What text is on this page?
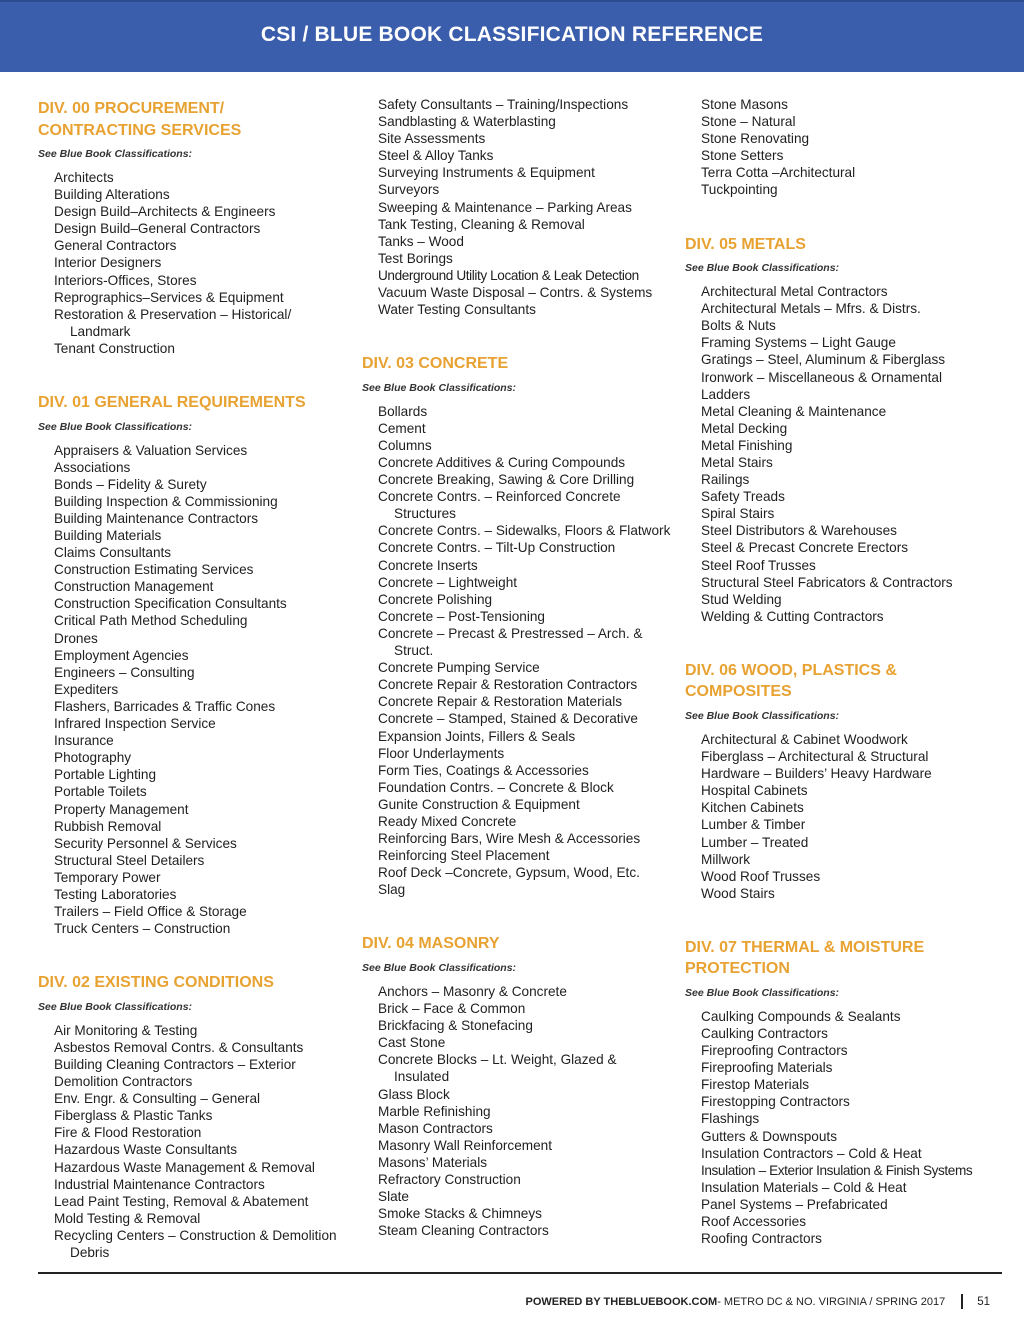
CSI / BLUE BOOK CLASSIFICATION REFERENCE
DIV. 00 PROCUREMENT/
CONTRACTING SERVICES
See Blue Book Classifications:
Architects
Building Alterations
Design Build–Architects & Engineers
Design Build–General Contractors
General Contractors
Interior Designers
Interiors-Offices, Stores
Reprographics–Services & Equipment
Restoration & Preservation – Historical/ Landmark
Tenant Construction
DIV. 01 GENERAL REQUIREMENTS
See Blue Book Classifications:
Appraisers & Valuation Services
Associations
Bonds – Fidelity & Surety
Building Inspection & Commissioning
Building Maintenance Contractors
Building Materials
Claims Consultants
Construction Estimating Services
Construction Management
Construction Specification Consultants
Critical Path Method Scheduling
Drones
Employment Agencies
Engineers – Consulting
Expediters
Flashers, Barricades & Traffic Cones
Infrared Inspection Service
Insurance
Photography
Portable Lighting
Portable Toilets
Property Management
Rubbish Removal
Security Personnel & Services
Structural Steel Detailers
Temporary Power
Testing Laboratories
Trailers – Field Office & Storage
Truck Centers – Construction
DIV. 02 EXISTING CONDITIONS
See Blue Book Classifications:
Air Monitoring & Testing
Asbestos Removal Contrs. & Consultants
Building Cleaning Contractors – Exterior
Demolition Contractors
Env. Engr. & Consulting – General
Fiberglass & Plastic Tanks
Fire & Flood Restoration
Hazardous Waste Consultants
Hazardous Waste Management & Removal
Industrial Maintenance Contractors
Lead Paint Testing, Removal & Abatement
Mold Testing & Removal
Recycling Centers – Construction & Demolition Debris
Safety Consultants – Training/Inspections
Sandblasting & Waterblasting
Site Assessments
Steel & Alloy Tanks
Surveying Instruments & Equipment
Surveyors
Sweeping & Maintenance – Parking Areas
Tank Testing, Cleaning & Removal
Tanks – Wood
Test Borings
Underground Utility Location & Leak Detection
Vacuum Waste Disposal – Contrs. & Systems
Water Testing Consultants
DIV. 03 CONCRETE
See Blue Book Classifications:
Bollards
Cement
Columns
Concrete Additives & Curing Compounds
Concrete Breaking, Sawing & Core Drilling
Concrete Contrs. – Reinforced Concrete Structures
Concrete Contrs. – Sidewalks, Floors & Flatwork
Concrete Contrs. – Tilt-Up Construction
Concrete Inserts
Concrete – Lightweight
Concrete Polishing
Concrete – Post-Tensioning
Concrete – Precast & Prestressed – Arch. & Struct.
Concrete Pumping Service
Concrete Repair & Restoration Contractors
Concrete Repair & Restoration Materials
Concrete – Stamped, Stained & Decorative
Expansion Joints, Fillers & Seals
Floor Underlayments
Form Ties, Coatings & Accessories
Foundation Contrs. – Concrete & Block
Gunite Construction & Equipment
Ready Mixed Concrete
Reinforcing Bars, Wire Mesh & Accessories
Reinforcing Steel Placement
Roof Deck –Concrete, Gypsum, Wood, Etc.
Slag
DIV. 04 MASONRY
See Blue Book Classifications:
Anchors – Masonry & Concrete
Brick – Face & Common
Brickfacing & Stonefacing
Cast Stone
Concrete Blocks – Lt. Weight, Glazed & Insulated
Glass Block
Marble Refinishing
Mason Contractors
Masonry Wall Reinforcement
Masons’ Materials
Refractory Construction
Slate
Smoke Stacks & Chimneys
Steam Cleaning Contractors
Stone Masons
Stone – Natural
Stone Renovating
Stone Setters
Terra Cotta –Architectural
Tuckpointing
DIV. 05 METALS
See Blue Book Classifications:
Architectural Metal Contractors
Architectural Metals – Mfrs. & Distrs.
Bolts & Nuts
Framing Systems – Light Gauge
Gratings – Steel, Aluminum & Fiberglass
Ironwork – Miscellaneous & Ornamental
Ladders
Metal Cleaning & Maintenance
Metal Decking
Metal Finishing
Metal Stairs
Railings
Safety Treads
Spiral Stairs
Steel Distributors & Warehouses
Steel & Precast Concrete Erectors
Steel Roof Trusses
Structural Steel Fabricators & Contractors
Stud Welding
Welding & Cutting Contractors
DIV. 06 WOOD, PLASTICS &
COMPOSITES
See Blue Book Classifications:
Architectural & Cabinet Woodwork
Fiberglass – Architectural & Structural
Hardware – Builders’ Heavy Hardware
Hospital Cabinets
Kitchen Cabinets
Lumber & Timber
Lumber – Treated
Millwork
Wood Roof Trusses
Wood Stairs
DIV. 07 THERMAL & MOISTURE
PROTECTION
See Blue Book Classifications:
Caulking Compounds & Sealants
Caulking Contractors
Fireproofing Contractors
Fireproofing Materials
Firestop Materials
Firestopping Contractors
Flashings
Gutters & Downspouts
Insulation Contractors – Cold & Heat
Insulation – Exterior Insulation & Finish Systems
Insulation Materials – Cold & Heat
Panel Systems – Prefabricated
Roof Accessories
Roofing Contractors
POWERED BY THEBLUEBOOK.COM - METRO DC & NO. VIRGINIA / SPRING 2017	51
